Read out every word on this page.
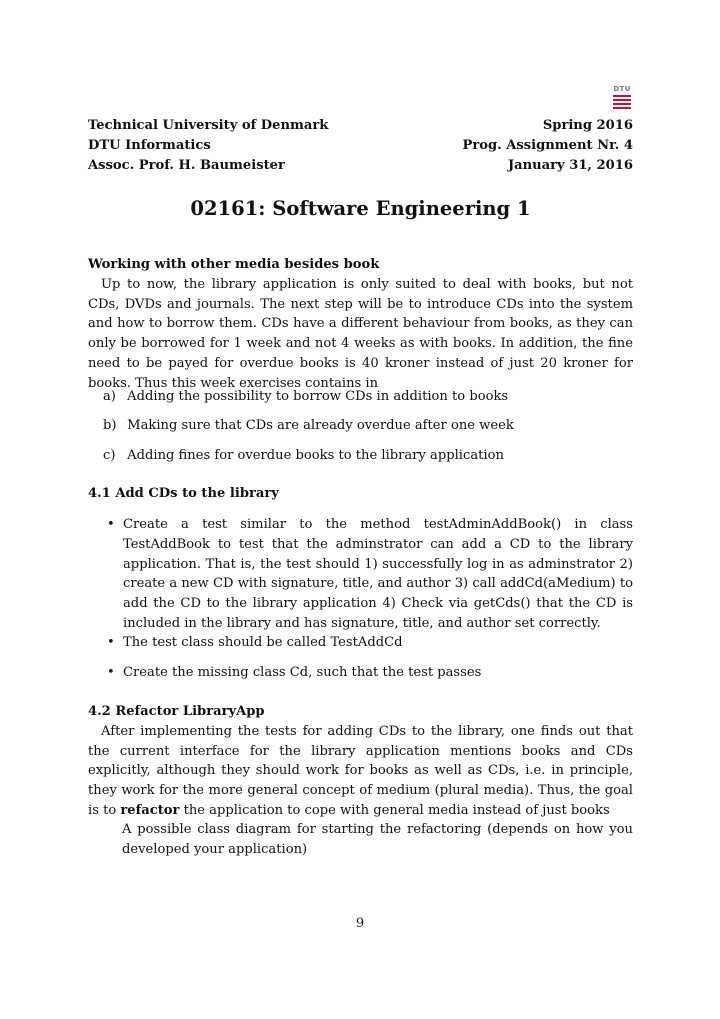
DTU
Technical University of Denmark	Spring 2016
DTU Informatics	Prog. Assignment Nr. 4
Assoc. Prof. H. Baumeister	January 31, 2016
02161: Software Engineering 1
Working with other media besides book

Up to now, the library application is only suited to deal with books, but not CDs, DVDs and journals. The next step will be to introduce CDs into the system and how to borrow them. CDs have a different behaviour from books, as they can only be borrowed for 1 week and not 4 weeks as with books. In addition, the fine need to be payed for overdue books is 40 kroner instead of just 20 kroner for books. Thus this week exercises contains in

a) Adding the possibility to borrow CDs in addition to books
b) Making sure that CDs are already overdue after one week
c) Adding fines for overdue books to the library application
4.1 Add CDs to the library
• Create a test similar to the method testAdminAddBook() in class TestAddBook to test that the adminstrator can add a CD to the library application. That is, the test should 1) successfully log in as adminstrator 2) create a new CD with signature, title, and author 3) call addCd(aMedium) to add the CD to the library application 4) Check via getCds() that the CD is included in the library and has signature, title, and author set correctly.
• The test class should be called TestAddCd
• Create the missing class Cd, such that the test passes
4.2 Refactor LibraryApp

After implementing the tests for adding CDs to the library, one finds out that the current interface for the library application mentions books and CDs explicitly, although they should work for books as well as CDs, i.e. in principle, they work for the more general concept of medium (plural media). Thus, the goal is to refactor the application to cope with general media instead of just books

A possible class diagram for starting the refactoring (depends on how you developed your application)
9
